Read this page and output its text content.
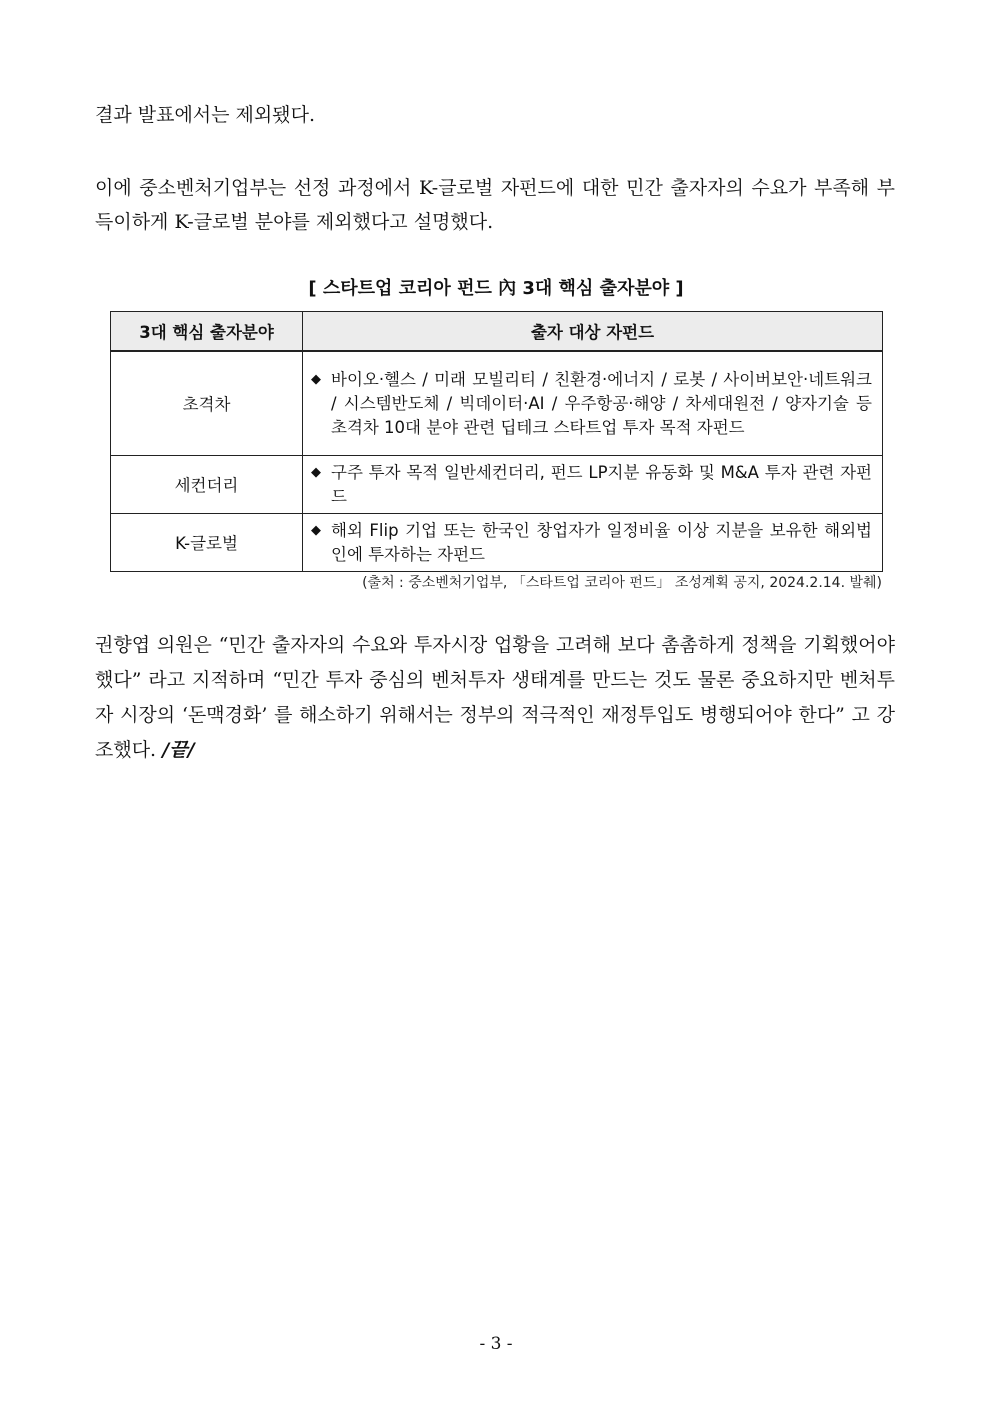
결과 발표에서는 제외됐다.

이에 중소벤처기업부는 선정 과정에서 K-글로벌 자펀드에 대한 민간 출자자의 수요가 부족해 부득이하게 K-글로벌 분야를 제외했다고 설명했다.

[ 스타트업 코리아 펀드 內 3대 핵심 출자분야 ]
3대 핵심 출자분야	출자 대상 자펀드
초격차	◆ 바이오·헬스 / 미래 모빌리티 / 친환경·에너지 / 로봇 / 사이버보안·네트워크 / 시스템반도체 / 빅데이터·AI / 우주항공·해양 / 차세대원전 / 양자기술 등 초격차 10대 분야 관련 딥테크 스타트업 투자 목적 자펀드

세컨더리	◆ 구주 투자 목적 일반세컨더리, 펀드 LP지분 유동화 및 M&A 투자 관련 자펀드

K-글로벌	◆ 해외 Flip 기업 또는 한국인 창업자가 일정비율 이상 지분을 보유한 해외법인에 투자하는 자펀드
(출처 : 중소벤처기업부, 「스타트업 코리아 펀드」 조성계획 공지, 2024.2.14. 발췌)

권향엽 의원은 “민간 출자자의 수요와 투자시장 업황을 고려해 보다 촘촘하게 정책을 기획했어야 했다” 라고 지적하며 “민간 투자 중심의 벤처투자 생태계를 만드는 것도 물론 중요하지만 벤처투자 시장의 ‘돈맥경화’ 를 해소하기 위해서는 정부의 적극적인 재정투입도 병행되어야 한다” 고 강조했다. /끝/

- 3 -
